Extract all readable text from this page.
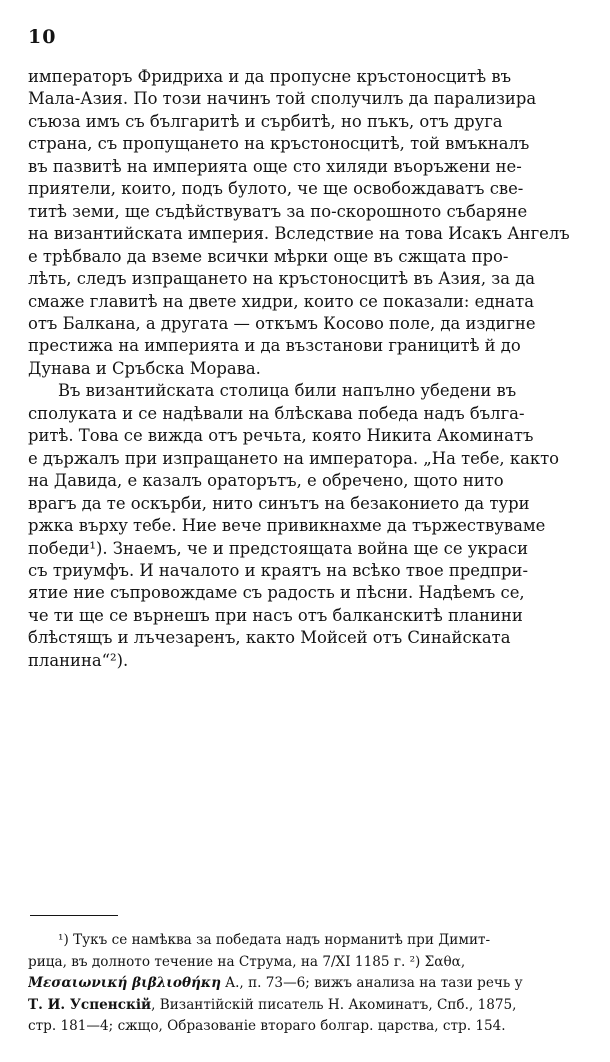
10
императоръ Фридриха и да пропусне кръстоносцитѣ въ
Мала-Азия. По този начинъ той сполучилъ да парализира
съюза имъ съ българитѣ и сърбитѣ, но пъкъ, отъ друга
страна, съ пропущането на кръстоносцитѣ, той вмъкналъ
въ пазвитѣ на империята още сто хиляди въоръжени не-
приятели, които, подъ булото, че ще освобождаватъ све-
титѣ земи, ще съдѣйствуватъ за по-скорошното събаряне
на византийската империя. Вследствие на това Исакъ Ангелъ
е трѣбвало да вземе всички мѣрки още въ сжщата про-
лѣть, следъ изпращането на кръстоносцитѣ въ Азия, за да
смаже главитѣ на двете хидри, които се показали: едната
отъ Балкана, а другата — откъмъ Косово поле, да издигне
престижа на империята и да възстанови границитѣ й до
Дунава и Сръбска Морава.
Въ византийската столица били напълно убедени въ
сполуката и се надѣвали на блѣскава победа надъ бълга-
ритѣ. Това се вижда отъ речьта, която Никита Акоминатъ
е държалъ при изпращането на императора. „На тебе, както
на Давида, е казалъ ораторътъ, е обречено, щото нито
врагъ да те оскърби, нито синътъ на безаконието да тури
ржка върху тебе. Ние вече привикнахме да тържествуваме
победи¹). Знаемъ, че и предстоящата война ще се украси
съ триумфъ. И началото и краятъ на всѣко твое предпри-
ятие ние съпровождаме съ радость и пѣсни. Надѣемъ се,
че ти ще се върнешъ при насъ отъ балканскитѣ планини
блѣстящъ и лъчезаренъ, както Мойсей отъ Синайската
планина“²).
¹) Тукъ се намѣква за победата надъ норманитѣ при Димит-
рица, въ долното течение на Струма, на 7/XI 1185 г. ²) Σαθα,
Μεσαιωνική βιβλιοθήκη Α., п. 73—6; вижъ анализа на тази речь у
Т. И. Успенскій, Византійскій писатель Н. Акоминатъ, Спб., 1875,
стр. 181—4; сжщо, Образованіе втораго болгар. царства, стр. 154.
